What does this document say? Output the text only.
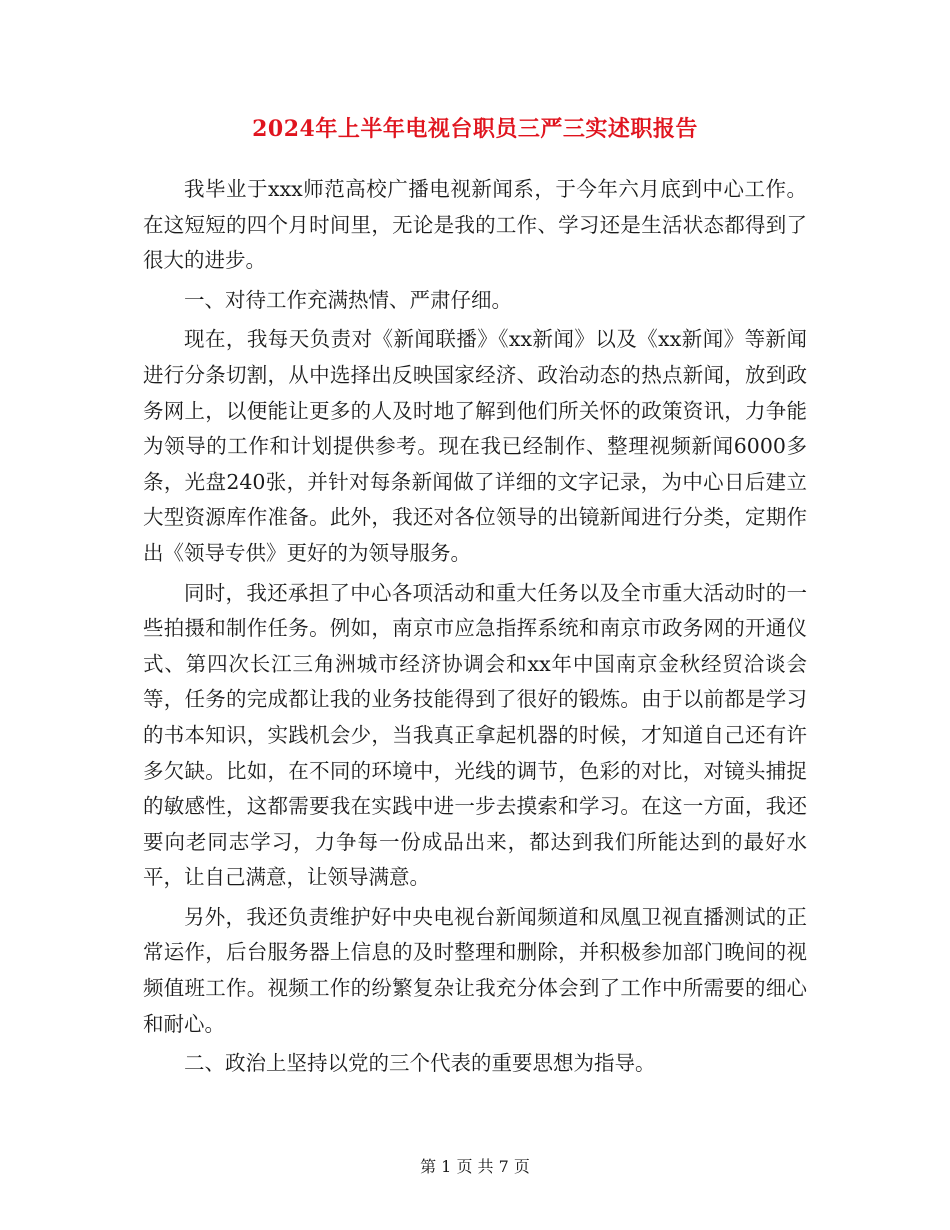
2024年上半年电视台职员三严三实述职报告

我毕业于xxx师范高校广播电视新闻系，于今年六月底到中心工作。在这短短的四个月时间里，无论是我的工作、学习还是生活状态都得到了很大的进步。

一、对待工作充满热情、严肃仔细。

现在，我每天负责对《新闻联播》《xx新闻》以及《xx新闻》等新闻进行分条切割，从中选择出反映国家经济、政治动态的热点新闻，放到政务网上，以便能让更多的人及时地了解到他们所关怀的政策资讯，力争能为领导的工作和计划提供参考。现在我已经制作、整理视频新闻6000多条，光盘240张，并针对每条新闻做了详细的文字记录，为中心日后建立大型资源库作准备。此外，我还对各位领导的出镜新闻进行分类，定期作出《领导专供》更好的为领导服务。

同时，我还承担了中心各项活动和重大任务以及全市重大活动时的一些拍摄和制作任务。例如，南京市应急指挥系统和南京市政务网的开通仪式、第四次长江三角洲城市经济协调会和xx年中国南京金秋经贸洽谈会等，任务的完成都让我的业务技能得到了很好的锻炼。由于以前都是学习的书本知识，实践机会少，当我真正拿起机器的时候，才知道自己还有许多欠缺。比如，在不同的环境中，光线的调节，色彩的对比，对镜头捕捉的敏感性，这都需要我在实践中进一步去摸索和学习。在这一方面，我还要向老同志学习，力争每一份成品出来，都达到我们所能达到的最好水平，让自己满意，让领导满意。

另外，我还负责维护好中央电视台新闻频道和凤凰卫视直播测试的正常运作，后台服务器上信息的及时整理和删除，并积极参加部门晚间的视频值班工作。视频工作的纷繁复杂让我充分体会到了工作中所需要的细心和耐心。

二、政治上坚持以党的三个代表的重要思想为指导。

第 1 页 共 7 页
